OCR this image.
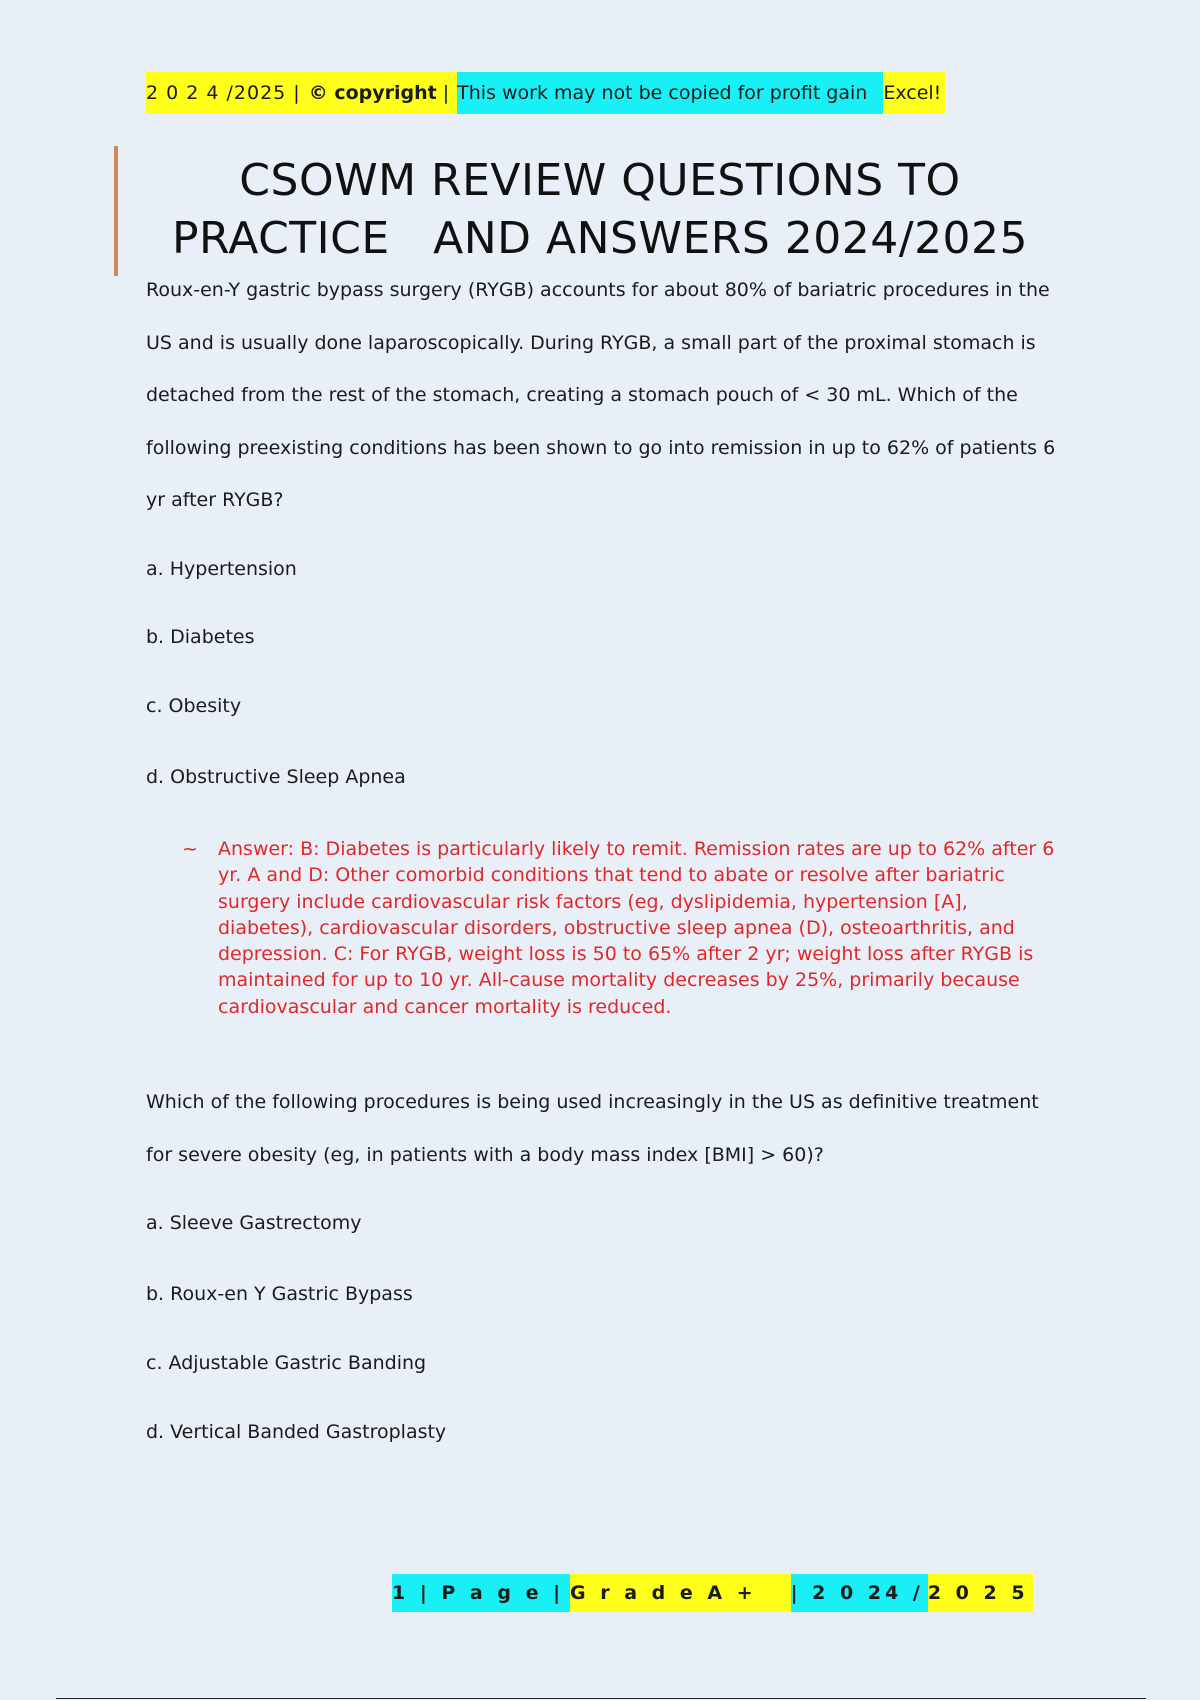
2 0 2 4 /2025 | © copyright | This work may not be copied for profit gain Excel!
CSOWM REVIEW QUESTIONS TO
PRACTICE   AND ANSWERS 2024/2025

Roux-en-Y gastric bypass surgery (RYGB) accounts for about 80% of bariatric procedures in the US and is usually done laparoscopically. During RYGB, a small part of the proximal stomach is detached from the rest of the stomach, creating a stomach pouch of < 30 mL. Which of the following preexisting conditions has been shown to go into remission in up to 62% of patients 6 yr after RYGB?

a. Hypertension

b. Diabetes

c. Obesity

d. Obstructive Sleep Apnea

~	Answer: B: Diabetes is particularly likely to remit. Remission rates are up to 62% after 6 yr. A and D: Other comorbid conditions that tend to abate or resolve after bariatric surgery include cardiovascular risk factors (eg, dyslipidemia, hypertension [A], diabetes), cardiovascular disorders, obstructive sleep apnea (D), osteoarthritis, and depression. C: For RYGB, weight loss is 50 to 65% after 2 yr; weight loss after RYGB is maintained for up to 10 yr. All-cause mortality decreases by 25%, primarily because cardiovascular and cancer mortality is reduced.

Which of the following procedures is being used increasingly in the US as definitive treatment for severe obesity (eg, in patients with a body mass index [BMI] > 60)?

a. Sleeve Gastrectomy

b. Roux-en Y Gastric Bypass

c. Adjustable Gastric Banding

d. Vertical Banded Gastroplasty

1 | P a g e | G r a d e A +	| 2 0 24 / 2 0 2 5
